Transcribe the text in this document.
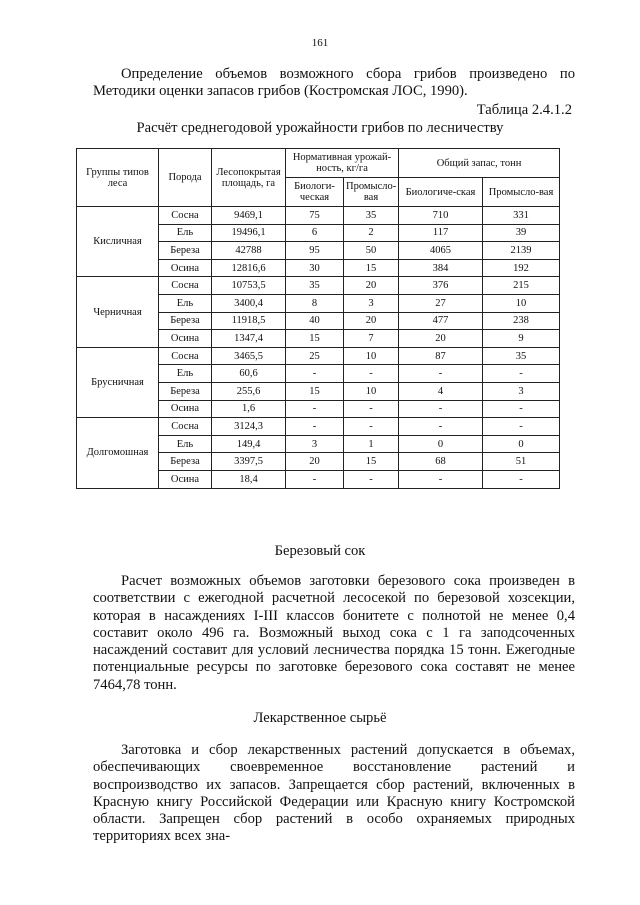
161

Определение объемов возможного сбора грибов произведено по Методики оценки запасов грибов (Костромская ЛОС, 1990).

Таблица 2.4.1.2
Расчёт среднегодовой урожайности грибов по лесничеству
Группы типов леса	Порода	Лесопокрытая площадь, га	Нормативная урожай-ность, кг/га		Общий запас, тонн	
			Биологи-ческая	Промысло-вая	Биологиче-ская	Промысло-вая
Кисличная	Сосна	9469,1	75	35	710	331
	Ель	19496,1	6	2	117	39
	Береза	42788	95	50	4065	2139
	Осина	12816,6	30	15	384	192
Черничная	Сосна	10753,5	35	20	376	215
	Ель	3400,4	8	3	27	10
	Береза	11918,5	40	20	477	238
	Осина	1347,4	15	7	20	9
Брусничная	Сосна	3465,5	25	10	87	35
	Ель	60,6	-	-	-	-
	Береза	255,6	15	10	4	3
	Осина	1,6	-	-	-	-
Долгомошная	Сосна	3124,3	-	-	-	-
	Ель	149,4	3	1	0	0
	Береза	3397,5	20	15	68	51
	Осина	18,4	-	-	-	-
Березовый сок

Расчет возможных объемов заготовки березового сока произведен в соответствии с ежегодной расчетной лесосекой по березовой хозсекции, которая в насаждениях I-III классов бонитете с полнотой не менее 0,4 составит около 496 га. Возможный выход сока с 1 га заподсоченных насаждений составит для условий лесничества порядка 15 тонн. Ежегодные потенциальные ресурсы по заготовке березового сока составят не менее 7464,78 тонн.

Лекарственное сырьё

Заготовка и сбор лекарственных растений допускается в объемах, обеспечивающих своевременное восстановление растений и воспроизводство их запасов. Запрещается сбор растений, включенных в Красную книгу Российской Федерации или Красную книгу Костромской области. Запрещен сбор растений в особо охраняемых природных территориях всех зна-
